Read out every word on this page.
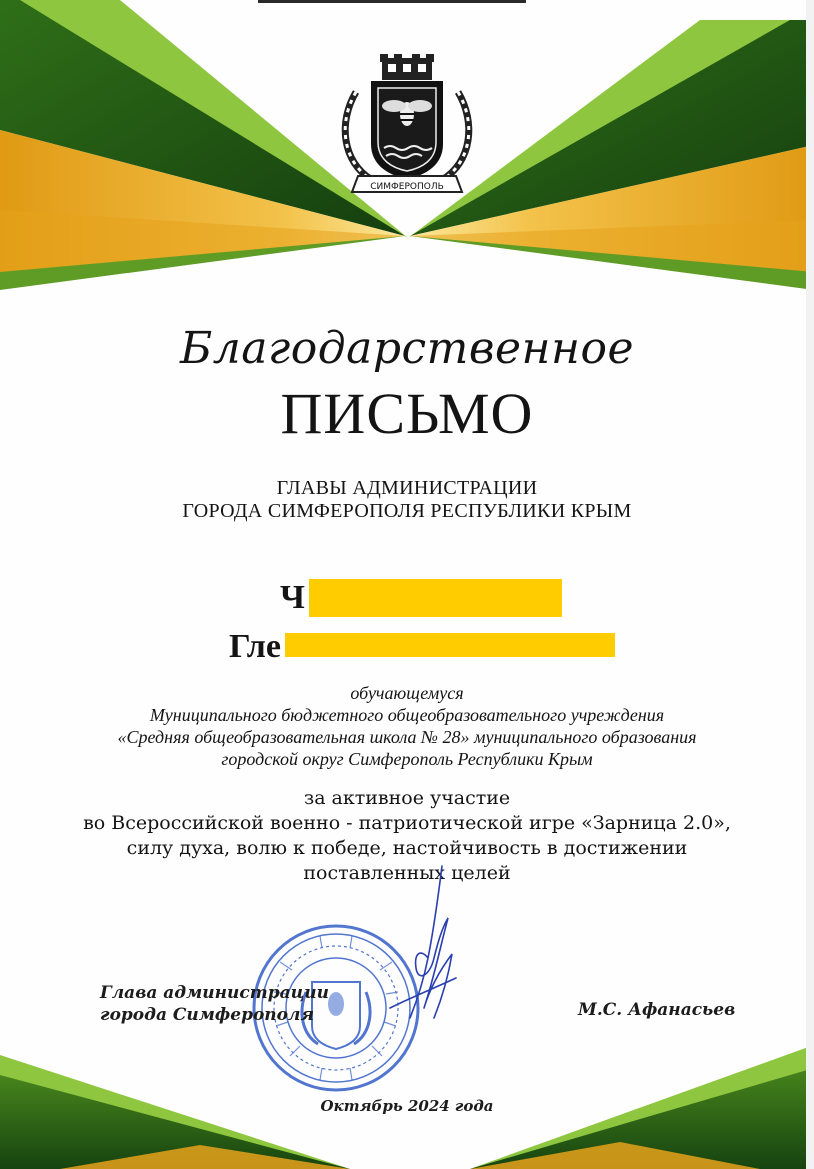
СИМФЕРОПОЛЬ
Благодарственное
ПИСЬМО
ГЛАВЫ АДМИНИСТРАЦИИ
ГОРОДА СИМФЕРОПОЛЯ РЕСПУБЛИКИ КРЫМ
Ч
Гле
обучающемуся
Муниципального бюджетного общеобразовательного учреждения
«Средняя общеобразовательная школа № 28» муниципального образования
городской округ Симферополь Республики Крым
за активное участие
во Всероссийской военно - патриотической игре «Зарница 2.0»,
силу духа, волю к победе, настойчивость в достижении
поставленных целей
Глава администрации
города Симферополя	М.С. Афанасьев
Октябрь 2024 года
